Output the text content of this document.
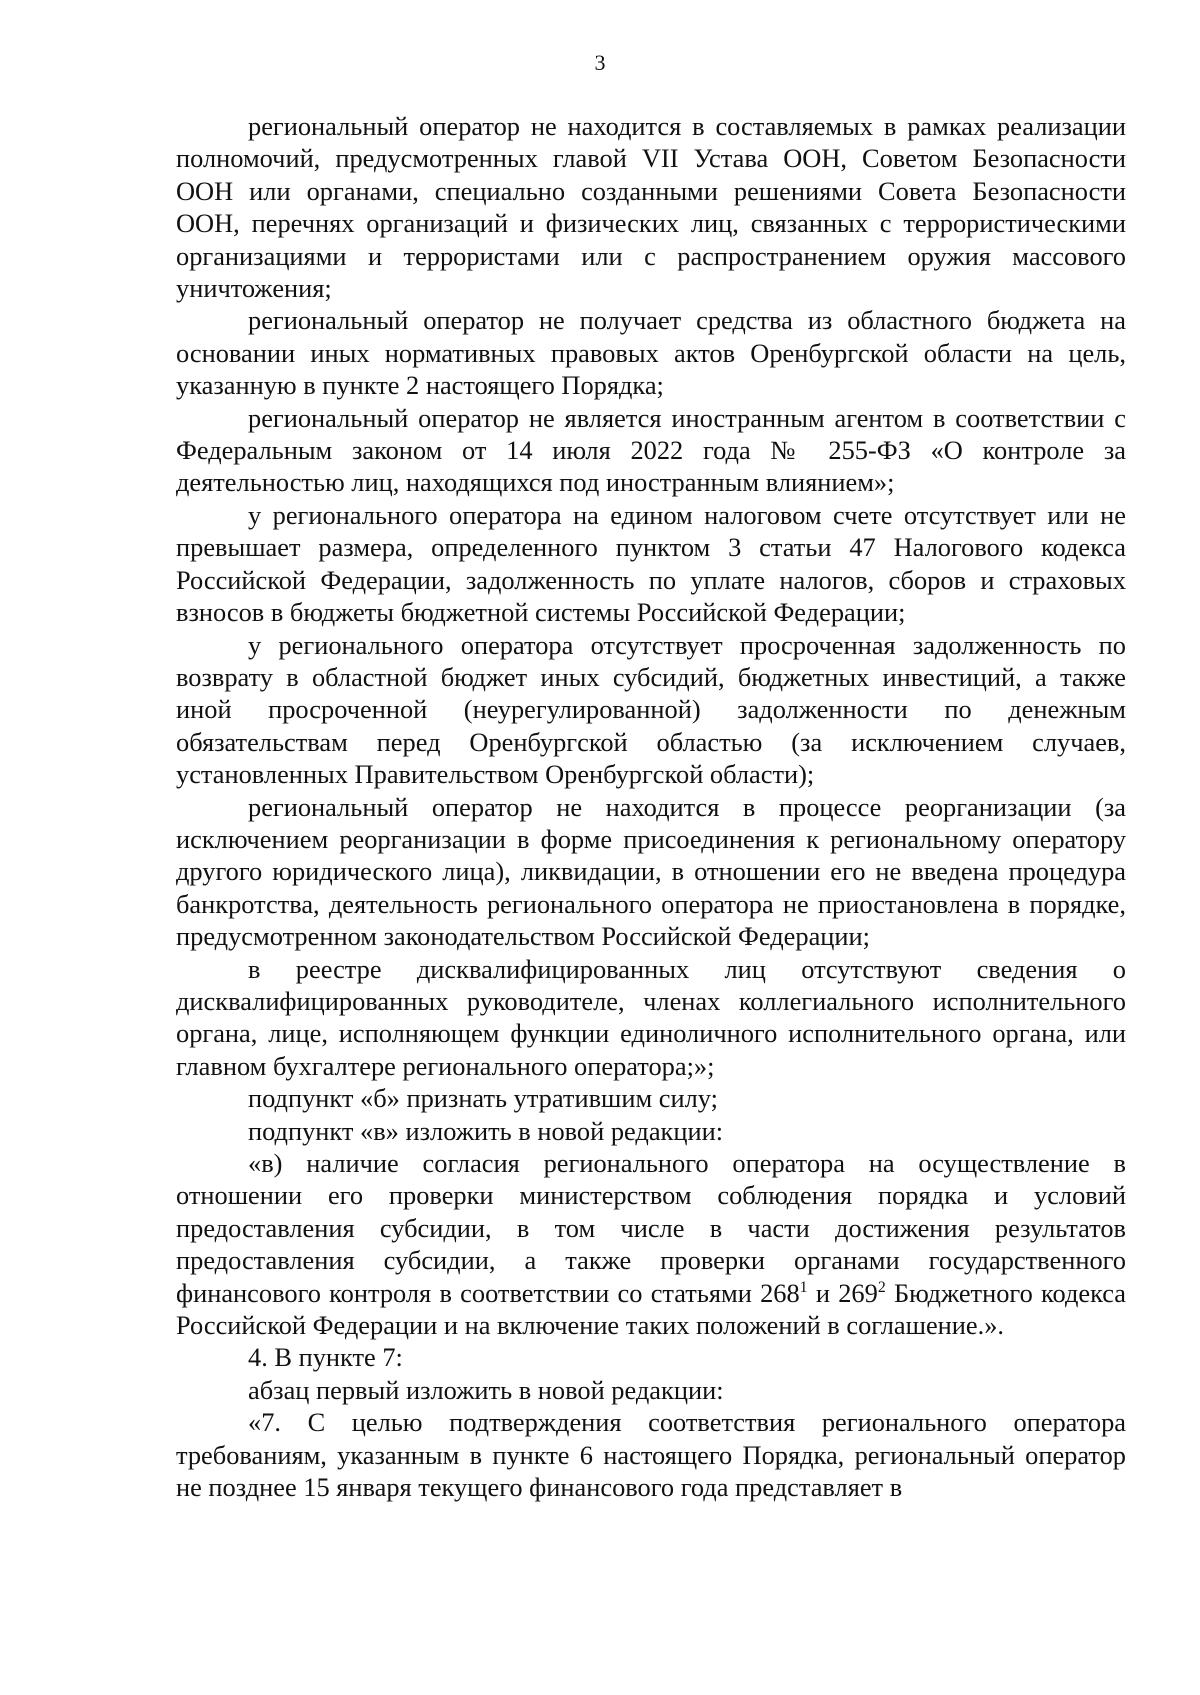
3

региональный оператор не находится в составляемых в рамках реализации полномочий, предусмотренных главой VII Устава ООН, Советом Безопасности ООН или органами, специально созданными решениями Совета Безопасности ООН, перечнях организаций и физических лиц, связанных с террористическими организациями и террористами или с распространением оружия массового уничтожения;

региональный оператор не получает средства из областного бюджета на основании иных нормативных правовых актов Оренбургской области на цель, указанную в пункте 2 настоящего Порядка;

региональный оператор не является иностранным агентом в соответствии с Федеральным законом от 14 июля 2022 года № 255-ФЗ «О контроле за деятельностью лиц, находящихся под иностранным влиянием»;

у регионального оператора на едином налоговом счете отсутствует или не превышает размера, определенного пунктом 3 статьи 47 Налогового кодекса Российской Федерации, задолженность по уплате налогов, сборов и страховых взносов в бюджеты бюджетной системы Российской Федерации;

у регионального оператора отсутствует просроченная задолженность по возврату в областной бюджет иных субсидий, бюджетных инвестиций, а также иной просроченной (неурегулированной) задолженности по денежным обязательствам перед Оренбургской областью (за исключением случаев, установленных Правительством Оренбургской области);

региональный оператор не находится в процессе реорганизации (за исключением реорганизации в форме присоединения к региональному оператору другого юридического лица), ликвидации, в отношении его не введена процедура банкротства, деятельность регионального оператора не приостановлена в порядке, предусмотренном законодательством Российской Федерации;

в реестре дисквалифицированных лиц отсутствуют сведения о дисквалифицированных руководителе, членах коллегиального исполнительного органа, лице, исполняющем функции единоличного исполнительного органа, или главном бухгалтере регионального оператора;»;

подпункт «б» признать утратившим силу;

подпункт «в» изложить в новой редакции:

«в) наличие согласия регионального оператора на осуществление в отношении его проверки министерством соблюдения порядка и условий предоставления субсидии, в том числе в части достижения результатов предоставления субсидии, а также проверки органами государственного финансового контроля в соответствии со статьями $268^1$ и $269^2$ Бюджетного кодекса Российской Федерации и на включение таких положений в соглашение.».

4. В пункте 7:

абзац первый изложить в новой редакции:

«7. С целью подтверждения соответствия регионального оператора требованиям, указанным в пункте 6 настоящего Порядка, региональный оператор не позднее 15 января текущего финансового года представляет в
